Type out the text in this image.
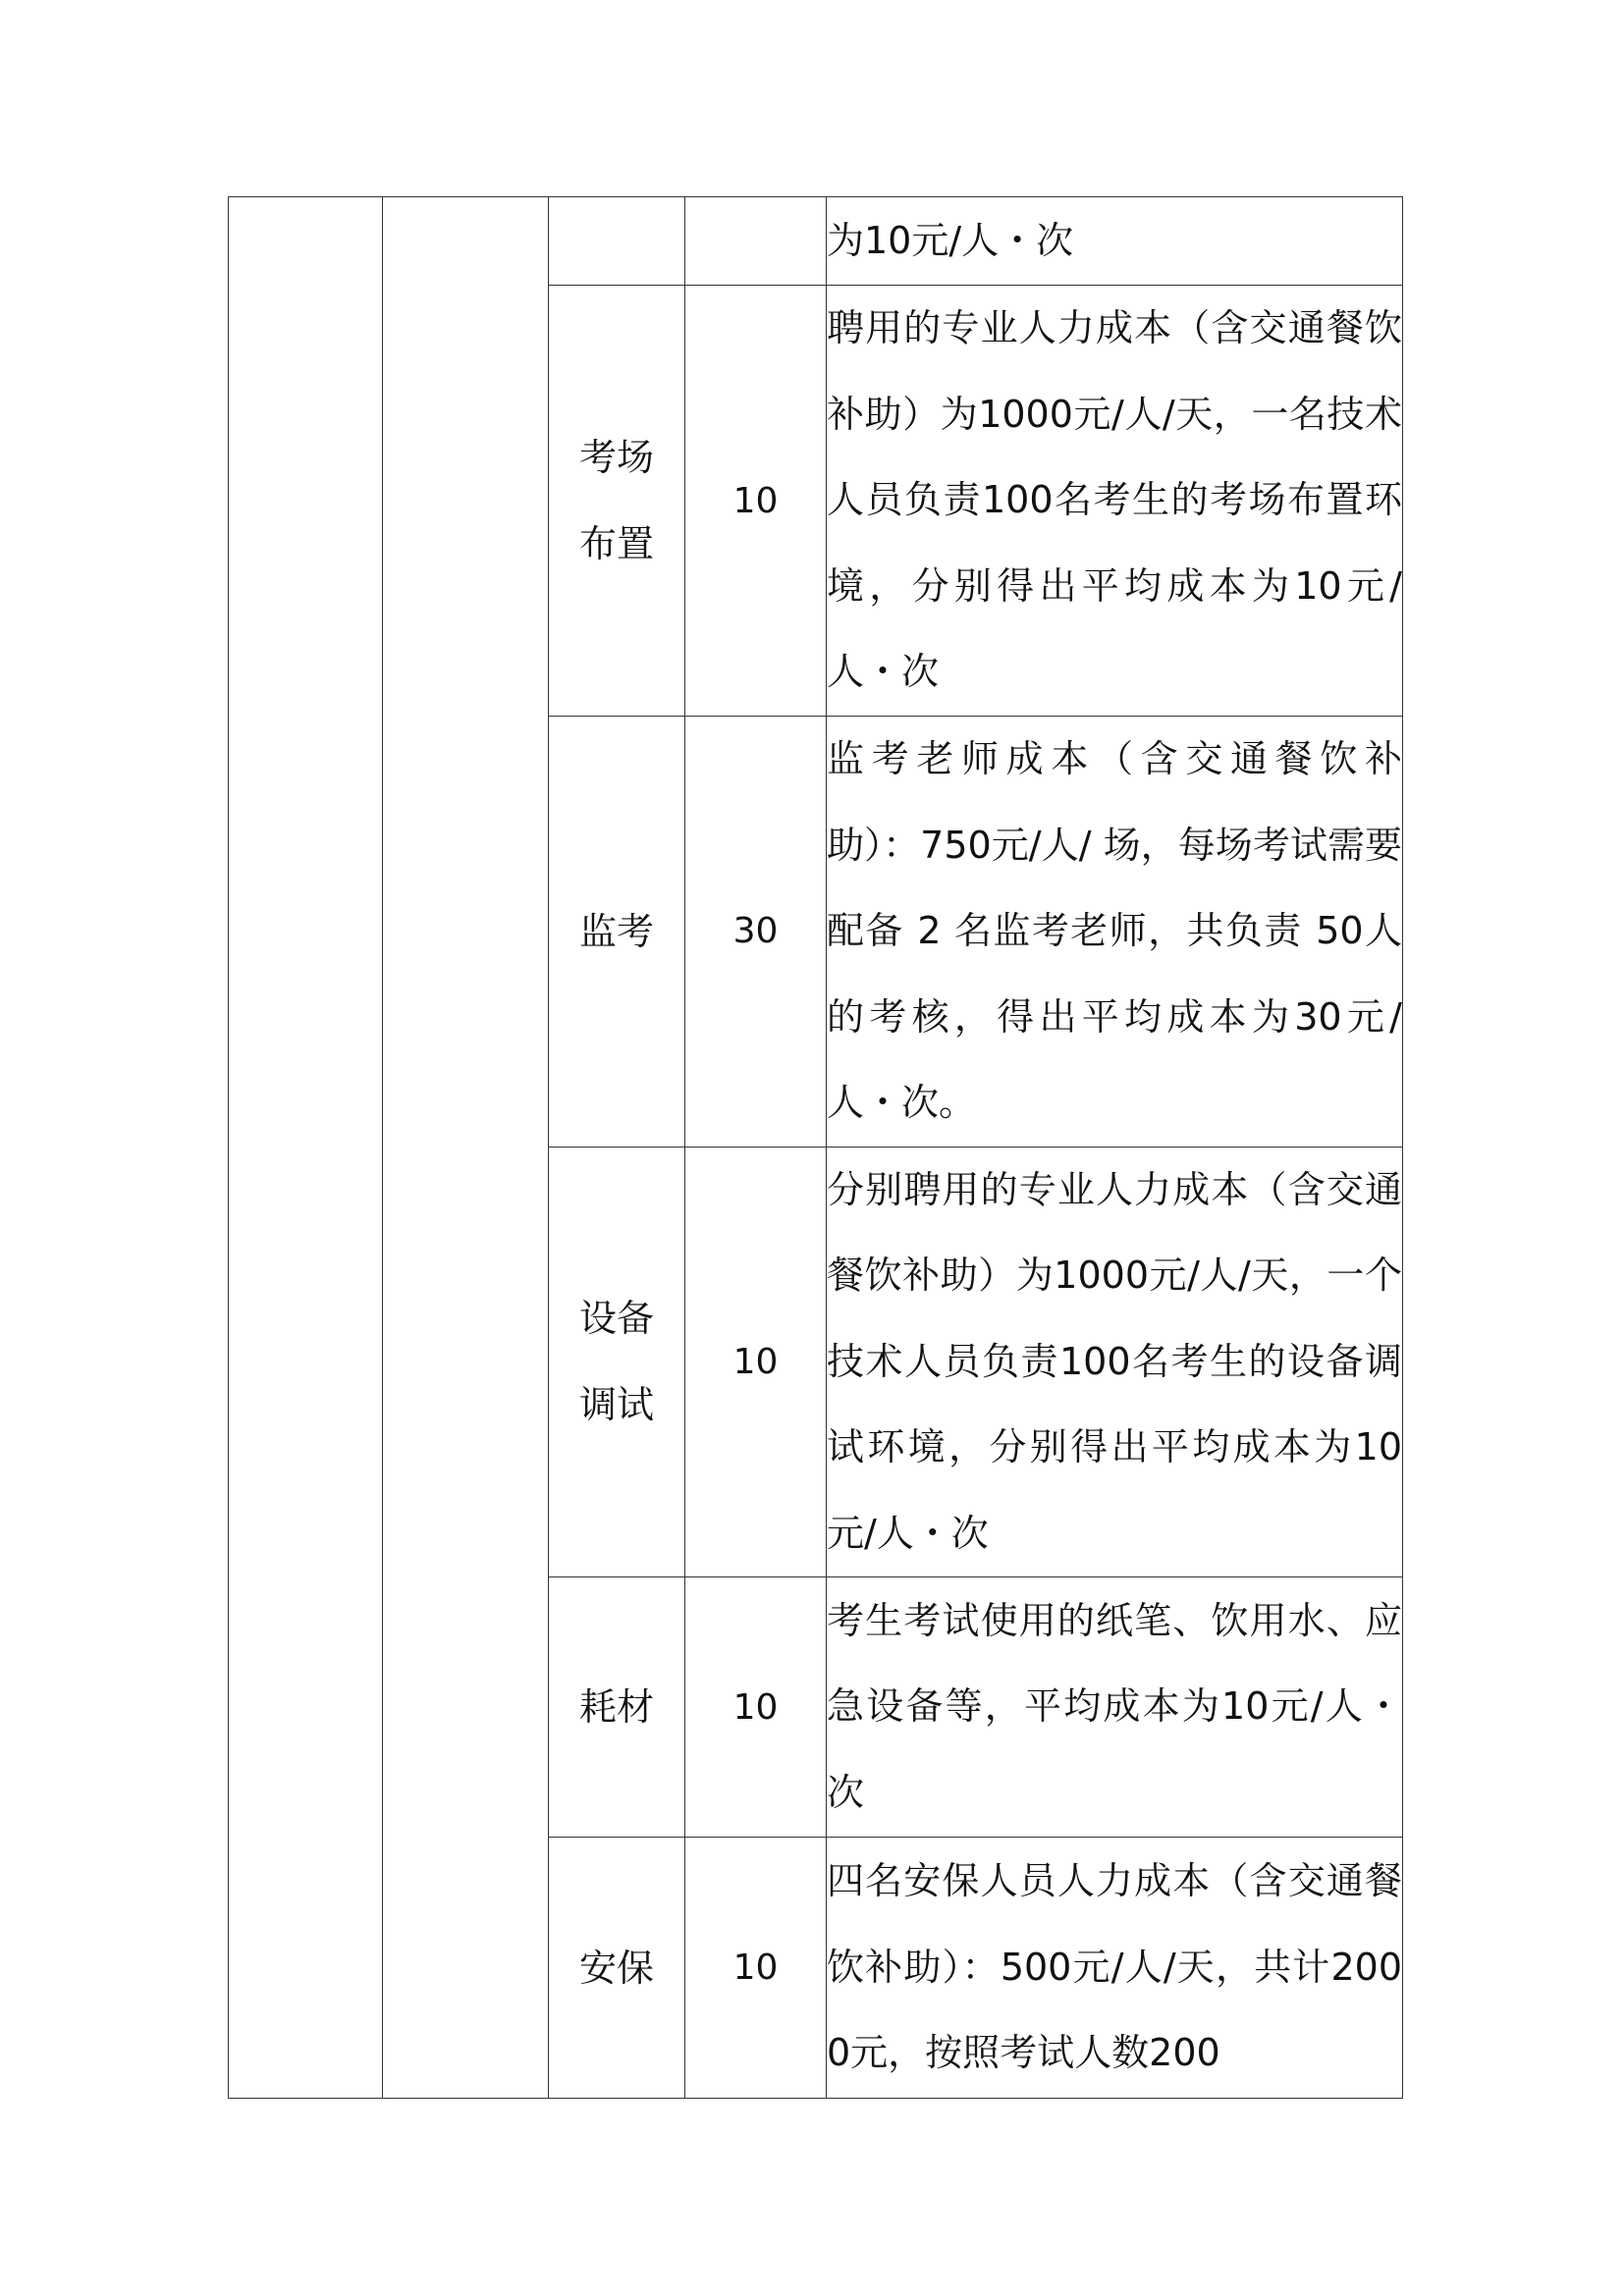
				为10元/人・次
		考场布置	10	聘用的专业人力成本（含交通餐饮补助）为1000元/人/天，一名技术人员负责100名考生的考场布置环境，分别得出平均成本为10元/人・次
		监考	30	监考老师成本（含交通餐饮补助）：750元/人/ 场，每场考试需要配备 2 名监考老师，共负责 50人的考核，得出平均成本为30元/人・次。
		设备调试	10	分别聘用的专业人力成本（含交通餐饮补助）为1000元/人/天，一个技术人员负责100名考生的设备调试环境，分别得出平均成本为10元/人・次
		耗材	10	考生考试使用的纸笔、饮用水、应急设备等，平均成本为10元/人・次
		安保	10	四名安保人员人力成本（含交通餐饮补助）：500元/人/天，共计2000元，按照考试人数200
